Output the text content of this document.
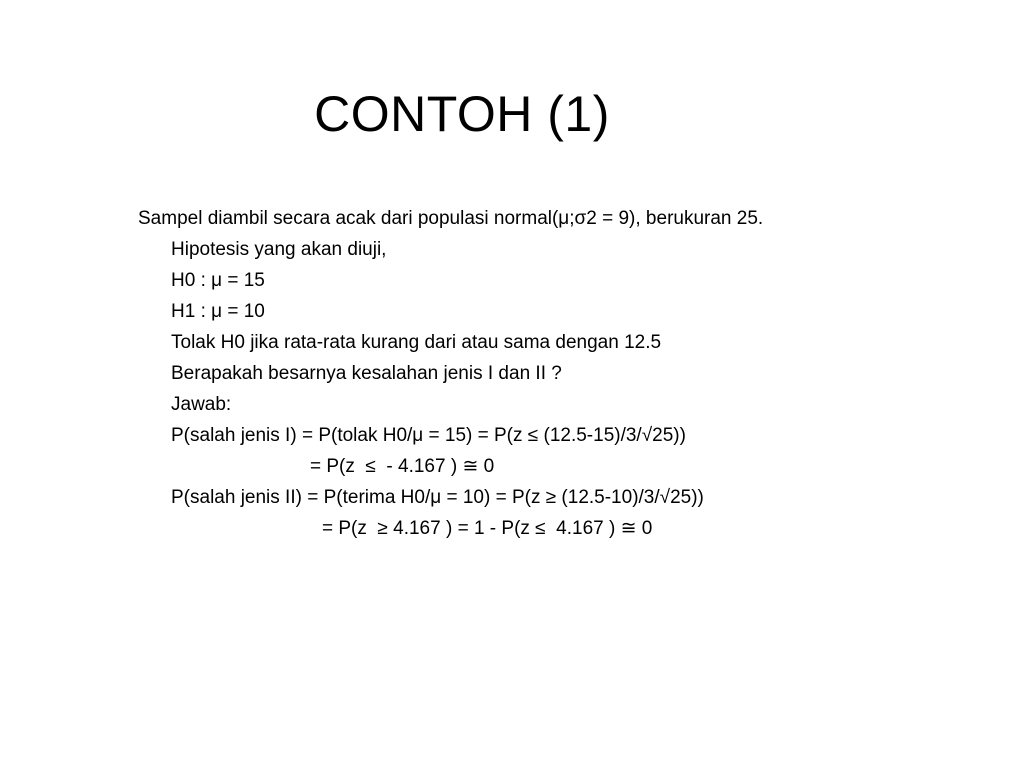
CONTOH (1)
Sampel diambil secara acak dari populasi normal(μ;σ2 = 9), berukuran 25.
Hipotesis yang akan diuji,
H0 : μ = 15
H1 : μ = 10
Tolak H0 jika rata-rata kurang dari atau sama dengan 12.5
Berapakah besarnya kesalahan jenis I dan II ?
Jawab:
P(salah jenis I) = P(tolak H0/μ = 15) = P(z ≤ (12.5-15)/3/√25))
= P(z  ≤  - 4.167 ) ≅ 0
P(salah jenis II) = P(terima H0/μ = 10) = P(z ≥ (12.5-10)/3/√25))
= P(z  ≥ 4.167 ) = 1 - P(z ≤  4.167 ) ≅ 0
